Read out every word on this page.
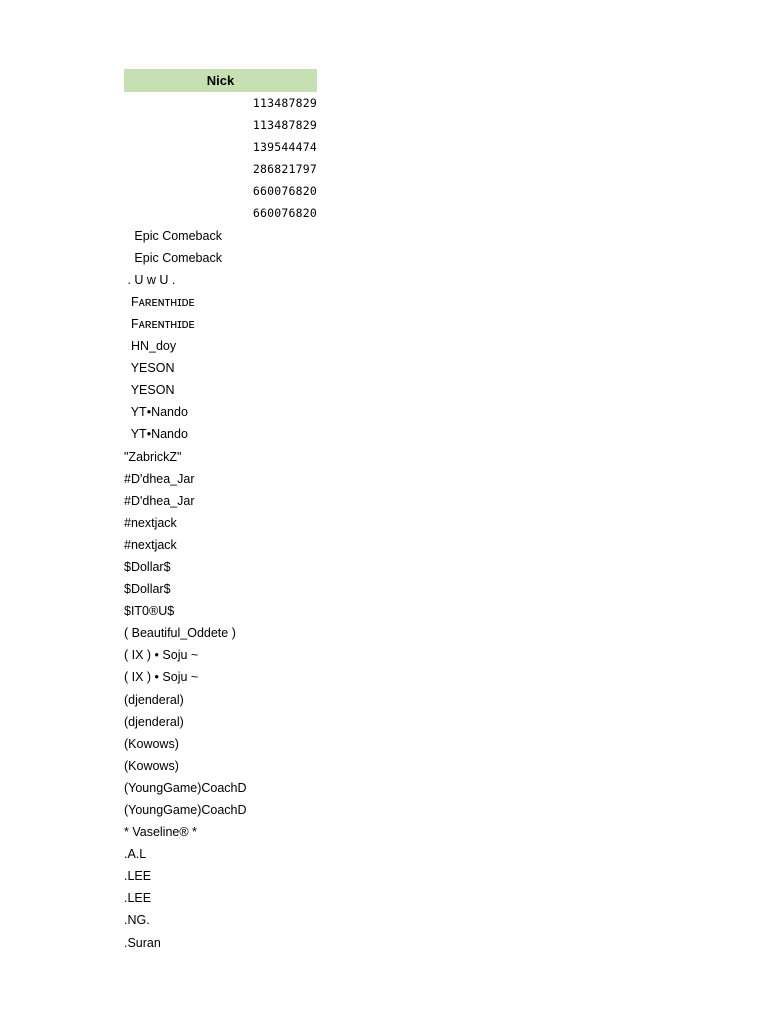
Nick
113487829
113487829
139544474
286821797
660076820
660076820
Epic Comeback
Epic Comeback
. U w U .
Fᴀʀᴇɴᴛʜɪᴅᴇ
Fᴀʀᴇɴᴛʜɪᴅᴇ
HN_doy
YESON
YESON
YT•Nando
YT•Nando
"ZabrickZ"
#D'dhea_Jar
#D'dhea_Jar
#nextjack
#nextjack
$Dollar$
$Dollar$
$IT0®U$
( Beautiful_Oddete )
( IX ) • Soju ~
( IX ) • Soju ~
(djenderal)
(djenderal)
(Kowows)
(Kowows)
(YoungGame)CoachD
(YoungGame)CoachD
* Vaseline® *
.A.L
.LEE
.LEE
.NG.
.Suran
